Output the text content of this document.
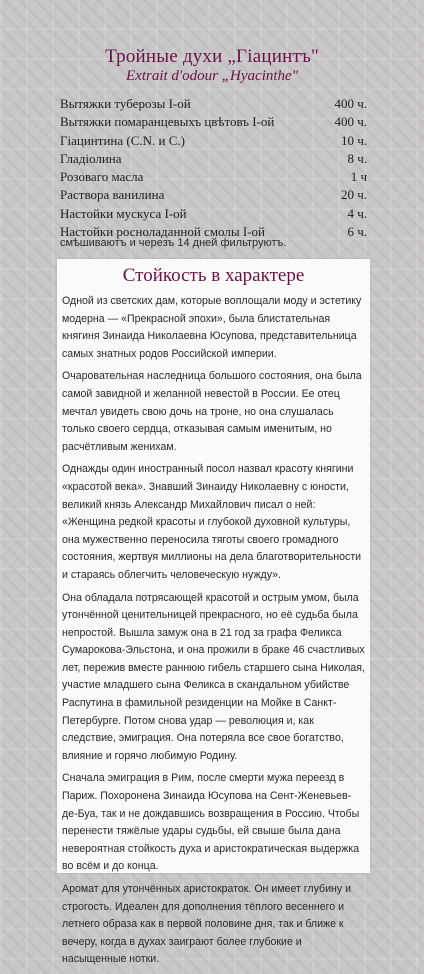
Тройные духи „Гіацинтъ"
Extrait d'odour „Hyacinthe"
Вытяжки туберозы I-ой	400 ч.
Вытяжки помаранцевыхъ цвѣтовъ I-ой	400 ч.
Гіацинтина (C.N. и C.)	10 ч.
Гладіолина	8 ч.
Розоваго масла	1 ч
Раствора ванилина	20 ч.
Настойки мускуса I-ой	4 ч.
Настойки росноладанной смолы I-ой	6 ч.
смѣшиваютъ и черезъ 14 дней фильтруютъ.
Стойкость в характере

Одной из светских дам, которые воплощали моду и эстетику модерна — «Прекрасной эпохи», была блистательная княгиня Зинаида Николаевна Юсупова, представительница самых знатных родов Российской империи.

Очаровательная наследница большого состояния, она была самой завидной и желанной невестой в России. Ее отец мечтал увидеть свою дочь на троне, но она слушалась только своего сердца, отказывая самым именитым, но расчётливым женихам.

Однажды один иностранный посол назвал красоту княгини «красотой века». Знавший Зинаиду Николаевну с юности, великий князь Александр Михайлович писал о ней: «Женщина редкой красоты и глубокой духовной культуры, она мужественно переносила тяготы своего громадного состояния, жертвуя миллионы на дела благотворительности и стараясь облегчить человеческую нужду».

Она обладала потрясающей красотой и острым умом, была утончённой ценительницей прекрасного, но её судьба была непростой. Вышла замуж она в 21 год за графа Феликса Сумарокова-Эльстона, и она прожили в браке 46 счастливых лет, пережив вместе раннюю гибель старшего сына Николая, участие младшего сына Феликса в скандальном убийстве Распутина в фамильной резиденции на Мойке в Санкт-Петербурге. Потом снова удар — революция и, как следствие, эмиграция. Она потеряла все свое богатство, влияние и горячо любимую Родину.

Сначала эмиграция в Рим, после смерти мужа переезд в Париж. Похоронена Зинаида Юсупова на Сент-Женевьев-де-Буа, так и не дождавшись возвращения в Россию. Чтобы перенести тяжёлые удары судьбы, ей свыше была дана невероятная стойкость духа и аристократическая выдержка во всём и до конца.

Аромат для утончённых аристократок. Он имеет глубину и строгость. Идеален для дополнения тёплого весеннего и летнего образа как в первой половине дня, так и ближе к вечеру, когда в духах заиграют более глубокие и насыщенные нотки.
